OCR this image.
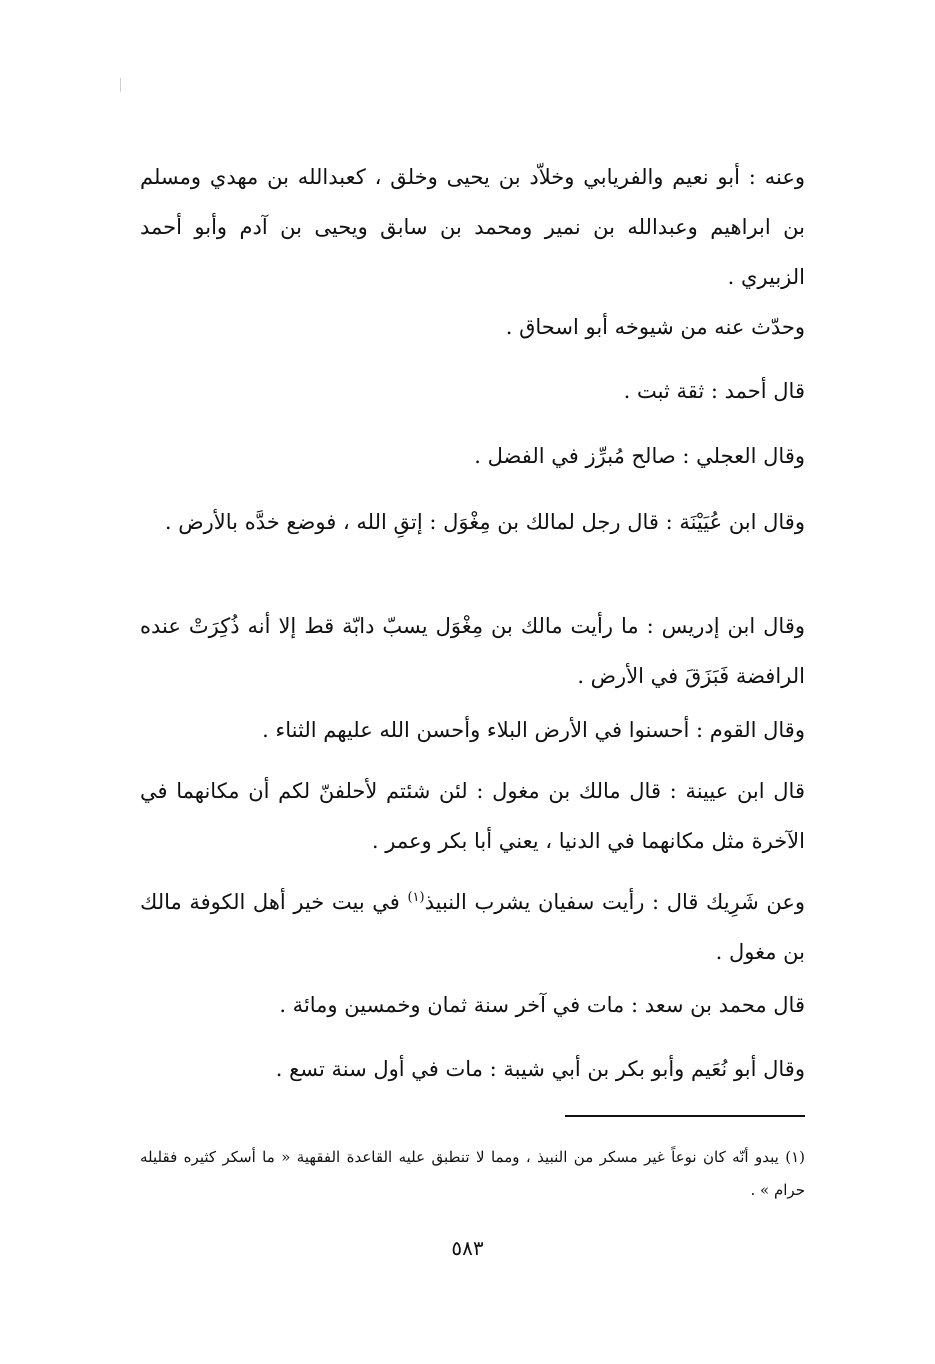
وعنه : أبو نعيم والفريابي وخلاّد بن يحيى وخلق ، كعبدالله بن مهدي ومسلم بن ابراهيم وعبدالله بن نمير ومحمد بن سابق ويحيى بن آدم وأبو أحمد الزبيري .

وحدّث عنه من شيوخه أبو اسحاق .

قال أحمد : ثقة ثبت .

وقال العجلي : صالح مُبرِّز في الفضل .

وقال ابن عُيَيْنَة : قال رجل لمالك بن مِغْوَل : إتقِ الله ، فوضع خدَّه بالأرض .

وقال ابن إدريس : ما رأيت مالك بن مِغْوَل يسبّ دابّة قط إلا أنه ذُكِرَتْ عنده الرافضة فَبَزَقَ في الأرض .

وقال القوم : أحسنوا في الأرض البلاء وأحسن الله عليهم الثناء .

قال ابن عيينة : قال مالك بن مغول : لئن شئتم لأحلفنّ لكم أن مكانهما في الآخرة مثل مكانهما في الدنيا ، يعني أبا بكر وعمر .

وعن شَرِيك قال : رأيت سفيان يشرب النبيذ$^{(١)}$ في بيت خير أهل الكوفة مالك بن مغول .

قال محمد بن سعد : مات في آخر سنة ثمان وخمسين ومائة .

وقال أبو نُعَيم وأبو بكر بن أبي شيبة : مات في أول سنة تسع .

(١) يبدو أنّه كان نوعاً غير مسكر من النبيذ ، ومما لا تنطبق عليه القاعدة الفقهية « ما أسكر كثيره فقليله حرام » .

٥٨٣
